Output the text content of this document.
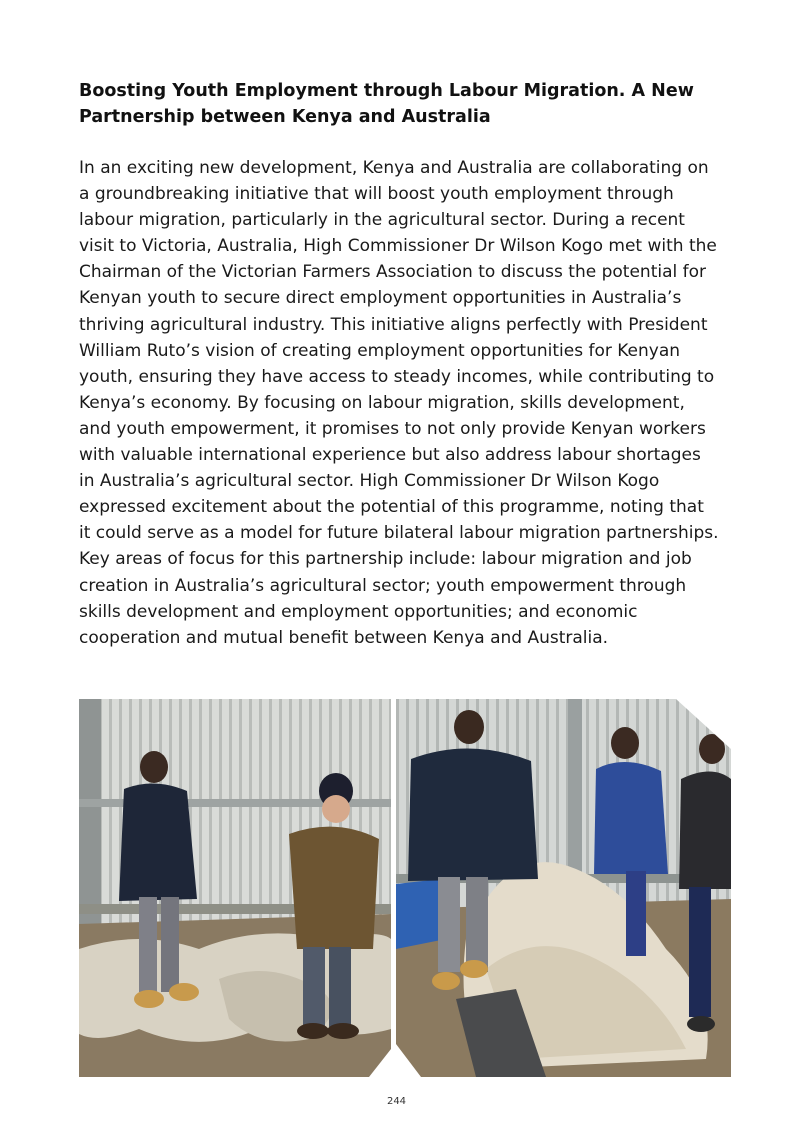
Boosting Youth Employment through Labour Migration. A New Partnership between Kenya and Australia

In an exciting new development, Kenya and Australia are collaborating on a groundbreaking initiative that will boost youth employment through labour migration, particularly in the agricultural sector. During a recent visit to Victoria, Australia, High Commissioner Dr Wilson Kogo met with the Chairman of the Victorian Farmers Association to discuss the potential for Kenyan youth to secure direct employment opportunities in Australia’s thriving agricultural industry. This initiative aligns perfectly with President William Ruto’s vision of creating employment opportunities for Kenyan youth, ensuring they have access to steady incomes, while contributing to Kenya’s economy. By focusing on labour migration, skills development, and youth empowerment, it promises to not only provide Kenyan workers with valuable international experience but also address labour shortages in Australia’s agricultural sector. High Commissioner Dr Wilson Kogo expressed excitement about the potential of this programme, noting that it could serve as a model for future bilateral labour migration partnerships. Key areas of focus for this partnership include: labour migration and job creation in Australia’s agricultural sector; youth empowerment through skills development and employment opportunities; and economic cooperation and mutual benefit between Kenya and Australia.

244
